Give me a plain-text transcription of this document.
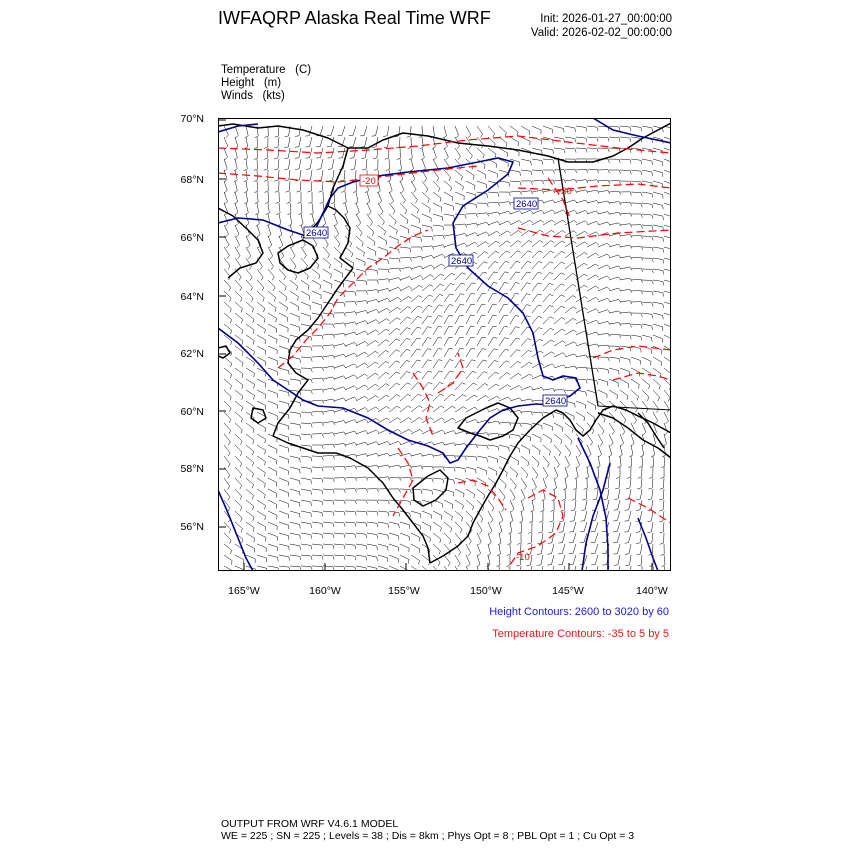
IWFAQRP Alaska Real Time WRF	Init: 2026-01-27_00:00:00
Valid: 2026-02-02_00:00:00
Temperature   (C)
Height   (m)
Winds   (kts)
70°N
68°N
66°N
64°N
62°N
60°N
58°N
56°N
165°W	160°W	155°W	150°W	145°W	140°W
2640
2640
2640
2640
-20
-20
-10
Height Contours: 2600 to 3020 by 60
Temperature Contours: -35 to 5 by 5
OUTPUT FROM WRF V4.6.1 MODEL
WE = 225 ; SN = 225 ; Levels = 38 ; Dis = 8km ; Phys Opt = 8 ; PBL Opt = 1 ; Cu Opt = 3
